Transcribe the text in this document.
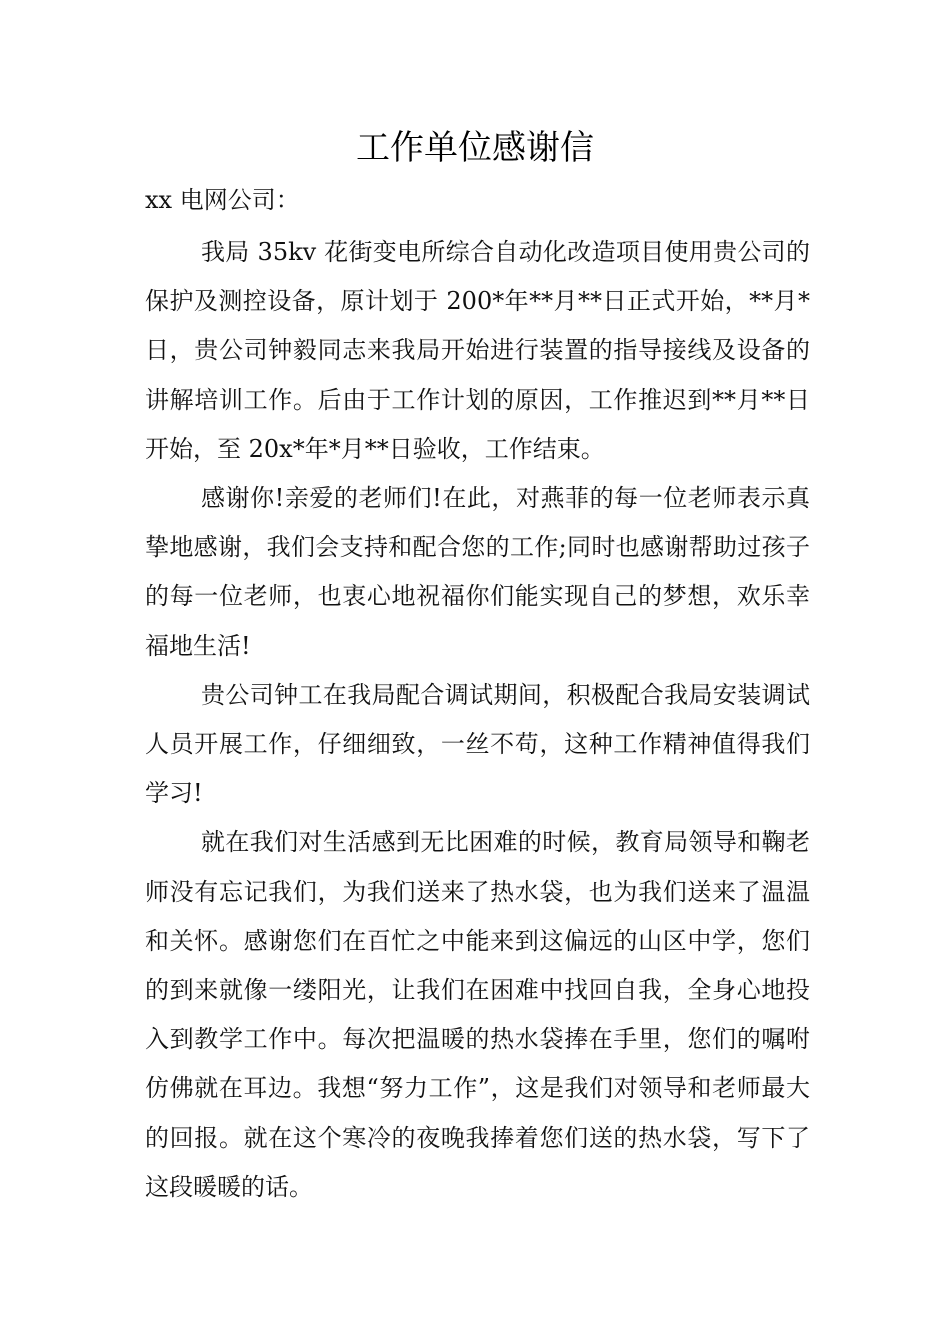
工作单位感谢信

xx 电网公司：

我局 35kv 花街变电所综合自动化改造项目使用贵公司的保护及测控设备，原计划于 200*年**月**日正式开始，**月*日，贵公司钟毅同志来我局开始进行装置的指导接线及设备的讲解培训工作。后由于工作计划的原因，工作推迟到**月**日开始，至 20x*年*月**日验收，工作结束。

感谢你!亲爱的老师们!在此，对燕菲的每一位老师表示真挚地感谢，我们会支持和配合您的工作;同时也感谢帮助过孩子的每一位老师，也衷心地祝福你们能实现自己的梦想，欢乐幸福地生活!

贵公司钟工在我局配合调试期间，积极配合我局安装调试人员开展工作，仔细细致，一丝不苟，这种工作精神值得我们学习!

就在我们对生活感到无比困难的时候，教育局领导和鞠老师没有忘记我们，为我们送来了热水袋，也为我们送来了温温和关怀。感谢您们在百忙之中能来到这偏远的山区中学，您们的到来就像一缕阳光，让我们在困难中找回自我，全身心地投入到教学工作中。每次把温暖的热水袋捧在手里，您们的嘱咐仿佛就在耳边。我想“努力工作”，这是我们对领导和老师最大的回报。就在这个寒冷的夜晚我捧着您们送的热水袋，写下了这段暖暖的话。
